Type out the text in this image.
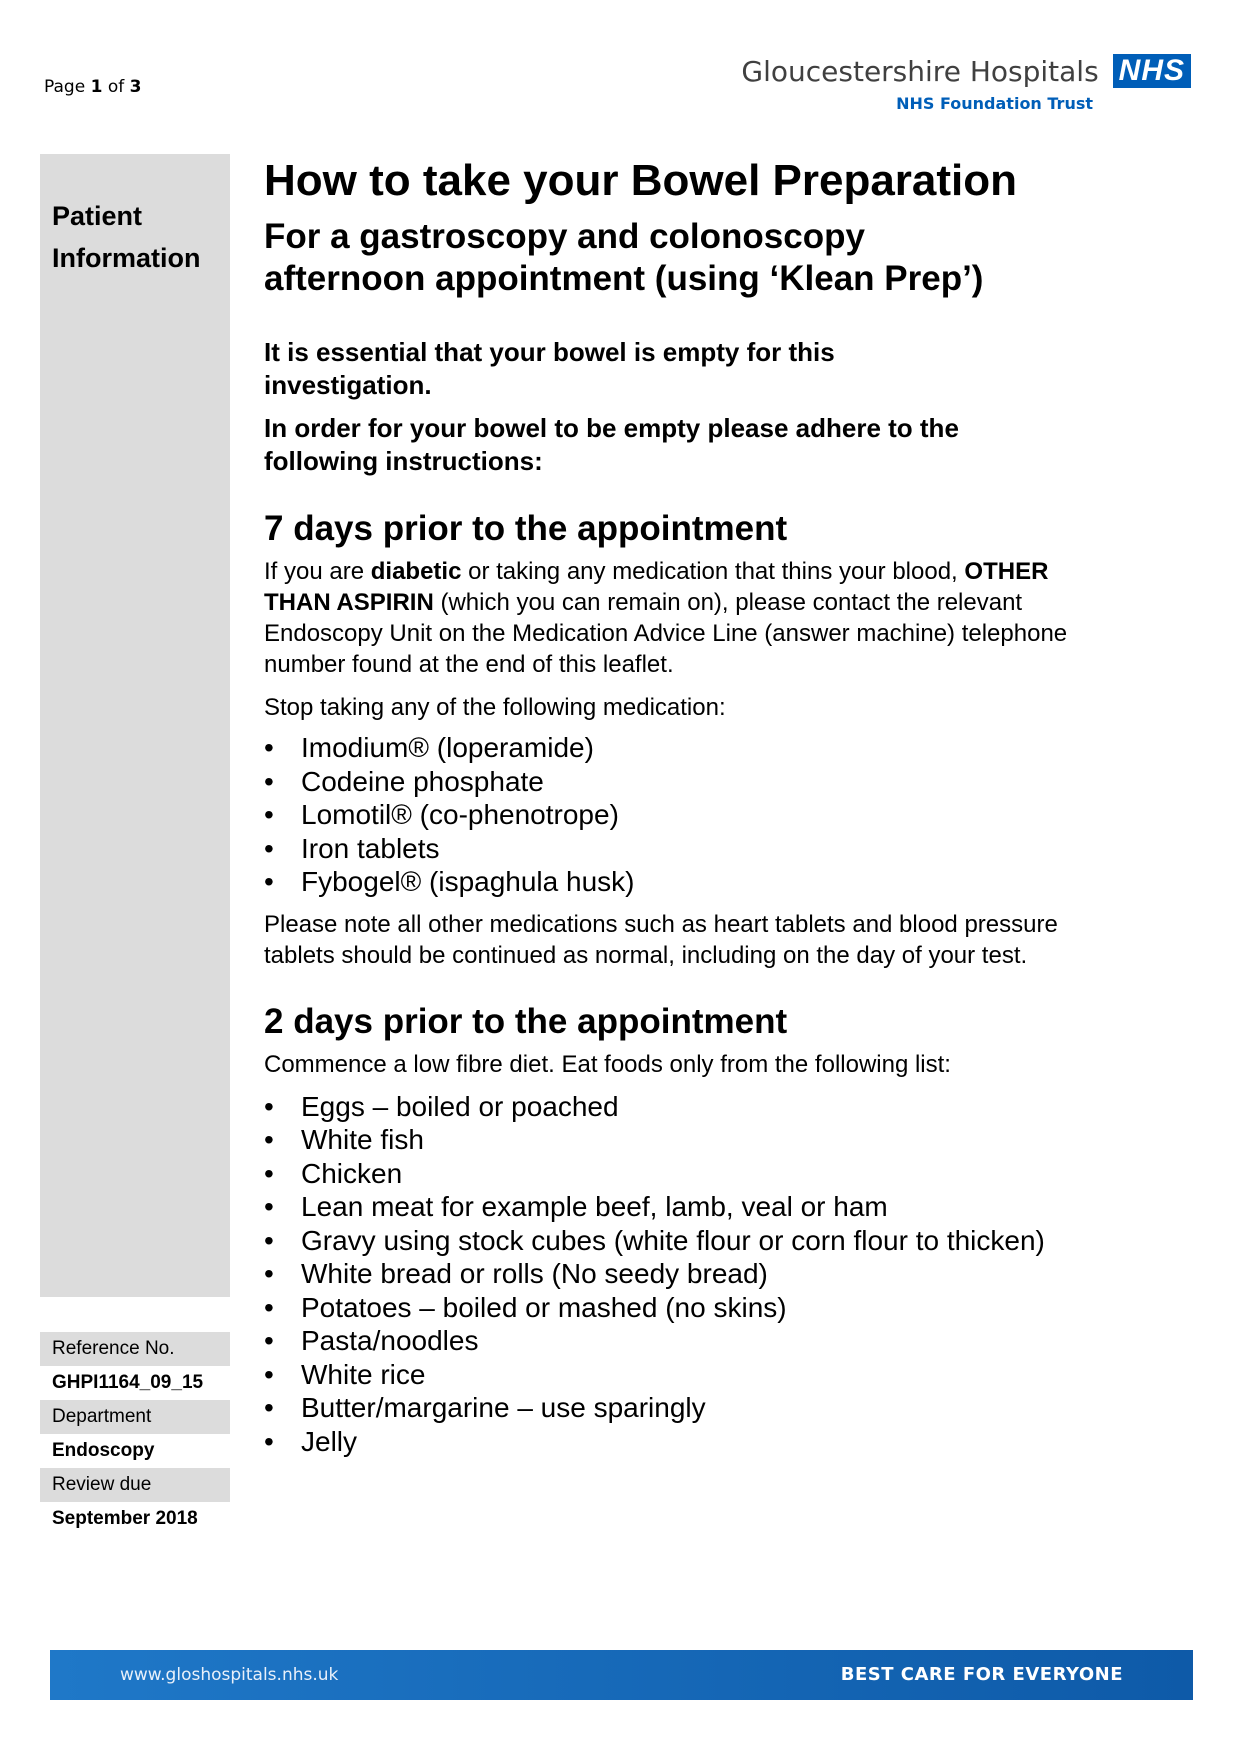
Page 1 of 3	Gloucestershire Hospitals NHS
NHS Foundation Trust
Patient
Information
Reference No.
GHPI1164_09_15
Department
Endoscopy
Review due
September 2018
How to take your Bowel Preparation
For a gastroscopy and colonoscopy
afternoon appointment (using ‘Klean Prep’)

It is essential that your bowel is empty for this investigation.

In order for your bowel to be empty please adhere to the following instructions:

7 days prior to the appointment

If you are diabetic or taking any medication that thins your blood, OTHER THAN ASPIRIN (which you can remain on), please contact the relevant Endoscopy Unit on the Medication Advice Line (answer machine) telephone number found at the end of this leaflet.

Stop taking any of the following medication:

• Imodium® (loperamide)
• Codeine phosphate
• Lomotil® (co-phenotrope)
• Iron tablets
• Fybogel® (ispaghula husk)

Please note all other medications such as heart tablets and blood pressure tablets should be continued as normal, including on the day of your test.

2 days prior to the appointment

Commence a low fibre diet. Eat foods only from the following list:

• Eggs – boiled or poached
• White fish
• Chicken
• Lean meat for example beef, lamb, veal or ham
• Gravy using stock cubes (white flour or corn flour to thicken)
• White bread or rolls (No seedy bread)
• Potatoes – boiled or mashed (no skins)
• Pasta/noodles
• White rice
• Butter/margarine – use sparingly
• Jelly
www.gloshospitals.nhs.uk	BEST CARE FOR EVERYONE
